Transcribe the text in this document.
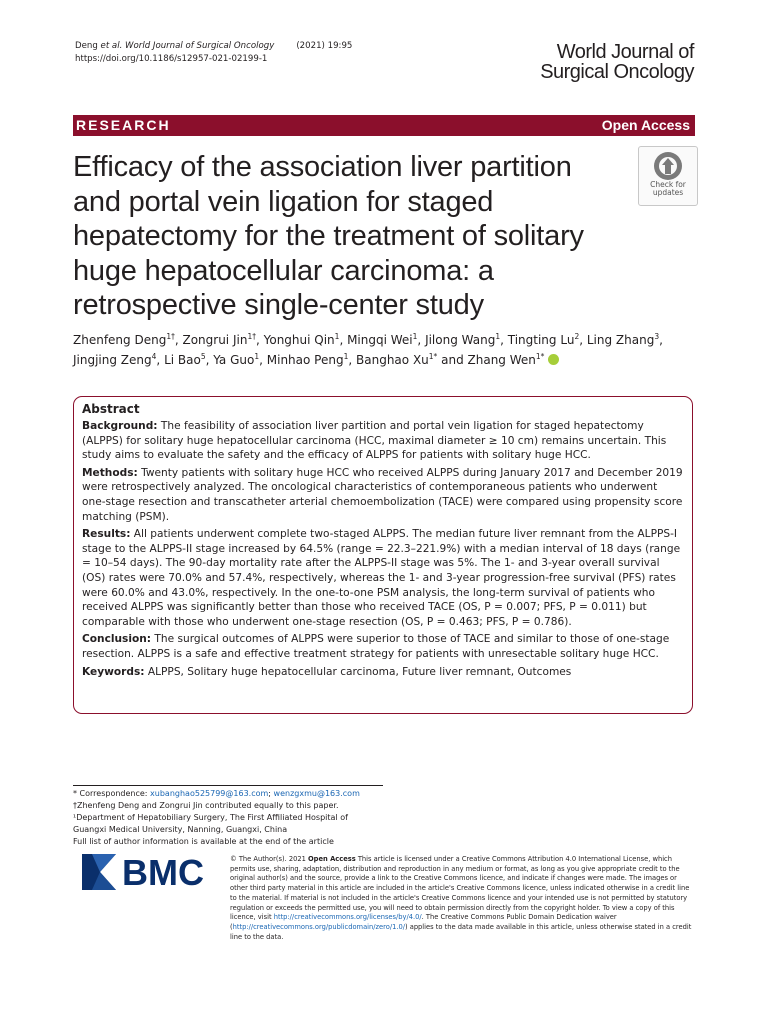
Deng et al. World Journal of Surgical Oncology	(2021) 19:95
https://doi.org/10.1186/s12957-021-02199-1	World Journal of
Surgical Oncology
RESEARCH	Open Access
Efficacy of the association liver partition
and portal vein ligation for staged
hepatectomy for the treatment of solitary
huge hepatocellular carcinoma: a
retrospective single-center study
Check for
updates
Zhenfeng Deng$^{1\dagger}$, Zongrui Jin$^{1\dagger}$, Yonghui Qin$^1$, Mingqi Wei$^1$, Jilong Wang$^1$, Tingting Lu$^2$, Ling Zhang$^3$, Jingjing Zeng$^4$, Li Bao$^5$, Ya Guo$^1$, Minhao Peng$^1$, Banghao $Xu^{1*}$ and Zhang Wen$^{1*}$
Abstract

Background: The feasibility of association liver partition and portal vein ligation for staged hepatectomy (ALPPS) for solitary huge hepatocellular carcinoma (HCC, maximal diameter ≥ 10 cm) remains uncertain. This study aims to evaluate the safety and the efficacy of ALPPS for patients with solitary huge HCC.

Methods: Twenty patients with solitary huge HCC who received ALPPS during January 2017 and December 2019 were retrospectively analyzed. The oncological characteristics of contemporaneous patients who underwent one-stage resection and transcatheter arterial chemoembolization (TACE) were compared using propensity score matching (PSM).

Results: All patients underwent complete two-staged ALPPS. The median future liver remnant from the ALPPS-I stage to the ALPPS-II stage increased by 64.5% (range = 22.3–221.9%) with a median interval of 18 days (range = 10–54 days). The 90-day mortality rate after the ALPPS-II stage was 5%. The 1- and 3-year overall survival (OS) rates were 70.0% and 57.4%, respectively, whereas the 1- and 3-year progression-free survival (PFS) rates were 60.0% and 43.0%, respectively. In the one-to-one PSM analysis, the long-term survival of patients who received ALPPS was significantly better than those who received TACE (OS, P = 0.007; PFS, P = 0.011) but comparable with those who underwent one-stage resection (OS, P = 0.463; PFS, P = 0.786).

Conclusion: The surgical outcomes of ALPPS were superior to those of TACE and similar to those of one-stage resection. ALPPS is a safe and effective treatment strategy for patients with unresectable solitary huge HCC.

Keywords: ALPPS, Solitary huge hepatocellular carcinoma, Future liver remnant, Outcomes

* Correspondence: xubanghao525799@163.com; wenzgxmu@163.com
†Zhenfeng Deng and Zongrui Jin contributed equally to this paper.
¹Department of Hepatobiliary Surgery, The First Affiliated Hospital of Guangxi Medical University, Nanning, Guangxi, China
Full list of author information is available at the end of the article
BMC	© The Author(s). 2021 Open Access This article is licensed under a Creative Commons Attribution 4.0 International License, which permits use, sharing, adaptation, distribution and reproduction in any medium or format, as long as you give appropriate credit to the original author(s) and the source, provide a link to the Creative Commons licence, and indicate if changes were made. The images or other third party material in this article are included in the article's Creative Commons licence, unless indicated otherwise in a credit line to the material. If material is not included in the article's Creative Commons licence and your intended use is not permitted by statutory regulation or exceeds the permitted use, you will need to obtain permission directly from the copyright holder. To view a copy of this licence, visit http://creativecommons.org/licenses/by/4.0/. The Creative Commons Public Domain Dedication waiver (http://creativecommons.org/publicdomain/zero/1.0/) applies to the data made available in this article, unless otherwise stated in a credit line to the data.
